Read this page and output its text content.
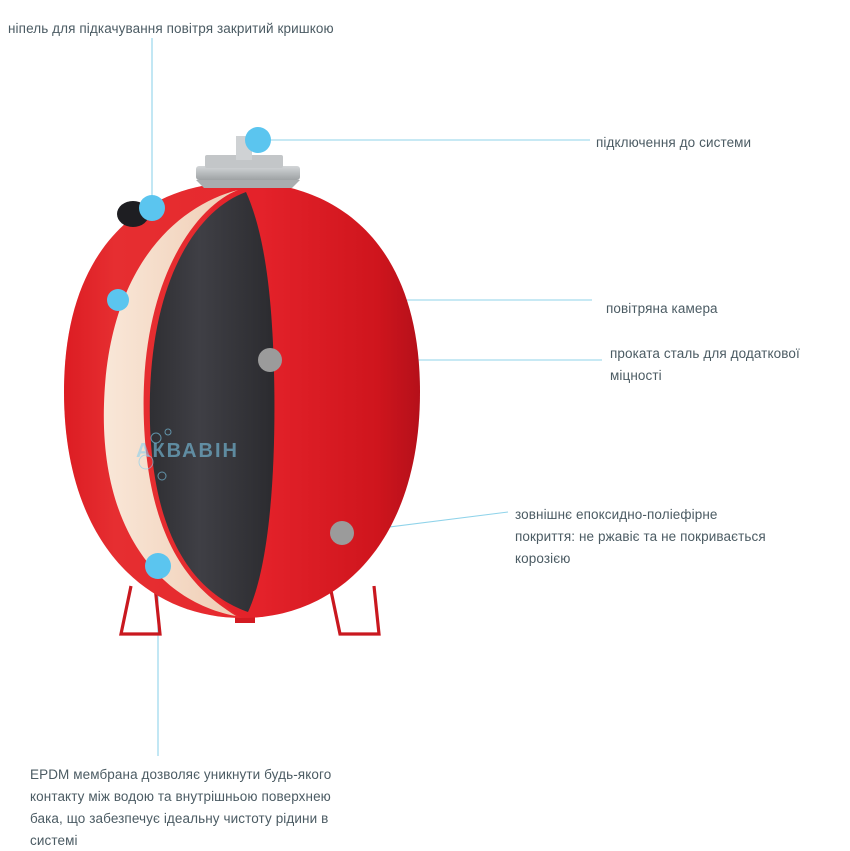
АКВАВІН
ніпель для підкачування повітря закритий кришкою
підключення до системи
повітряна камера
проката сталь для додаткової міцності
зовнішнє епоксидно-поліефірне покриття: не ржавіє та не покривається корозією
EPDM мембрана дозволяє уникнути будь-якого контакту між водою та внутрішньою поверхнею бака, що забезпечує ідеальну чистоту рідини в системі
